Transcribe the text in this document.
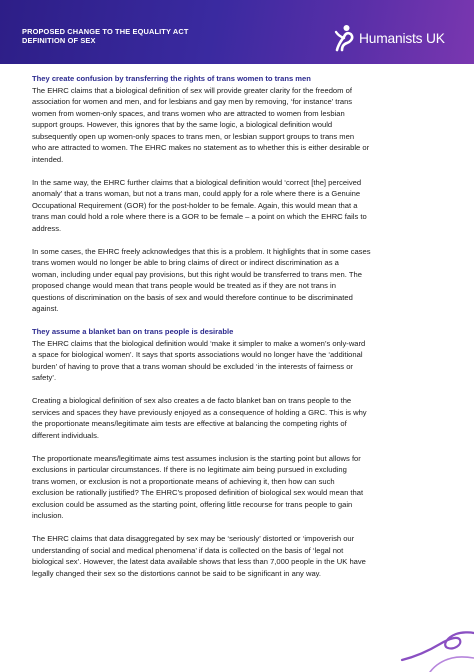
PROPOSED CHANGE TO THE EQUALITY ACT
DEFINITION OF SEX	Humanists UK
They create confusion by transferring the rights of trans women to trans men
The EHRC claims that a biological definition of sex will provide greater clarity for the freedom of
association for women and men, and for lesbians and gay men by removing, ‘for instance’ trans
women from women-only spaces, and trans women who are attracted to women from lesbian
support groups. However, this ignores that by the same logic, a biological definition would
subsequently open up women-only spaces to trans men, or lesbian support groups to trans men
who are attracted to women. The EHRC makes no statement as to whether this is either desirable or
intended.
In the same way, the EHRC further claims that a biological definition would ‘correct [the] perceived
anomaly’ that a trans woman, but not a trans man, could apply for a role where there is a Genuine
Occupational Requirement (GOR) for the post-holder to be female. Again, this would mean that a
trans man could hold a role where there is a GOR to be female – a point on which the EHRC fails to
address.
In some cases, the EHRC freely acknowledges that this is a problem. It highlights that in some cases
trans women would no longer be able to bring claims of direct or indirect discrimination as a
woman, including under equal pay provisions, but this right would be transferred to trans men. The
proposed change would mean that trans people would be treated as if they are not trans in
questions of discrimination on the basis of sex and would therefore continue to be discriminated
against.
They assume a blanket ban on trans people is desirable
The EHRC claims that the biological definition would ‘make it simpler to make a women’s only-ward
a space for biological women’. It says that sports associations would no longer have the ‘additional
burden’ of having to prove that a trans woman should be excluded ‘in the interests of fairness or
safety’.
Creating a biological definition of sex also creates a de facto blanket ban on trans people to the
services and spaces they have previously enjoyed as a consequence of holding a GRC. This is why
the proportionate means/legitimate aim tests are effective at balancing the competing rights of
different individuals.
The proportionate means/legitimate aims test assumes inclusion is the starting point but allows for
exclusions in particular circumstances. If there is no legitimate aim being pursued in excluding
trans women, or exclusion is not a proportionate means of achieving it, then how can such
exclusion be rationally justified? The EHRC’s proposed definition of biological sex would mean that
exclusion could be assumed as the starting point, offering little recourse for trans people to gain
inclusion.
The EHRC claims that data disaggregated by sex may be ‘seriously’ distorted or ‘impoverish our
understanding of social and medical phenomena’ if data is collected on the basis of ‘legal not
biological sex’. However, the latest data available shows that less than 7,000 people in the UK have
legally changed their sex so the distortions cannot be said to be significant in any way.
